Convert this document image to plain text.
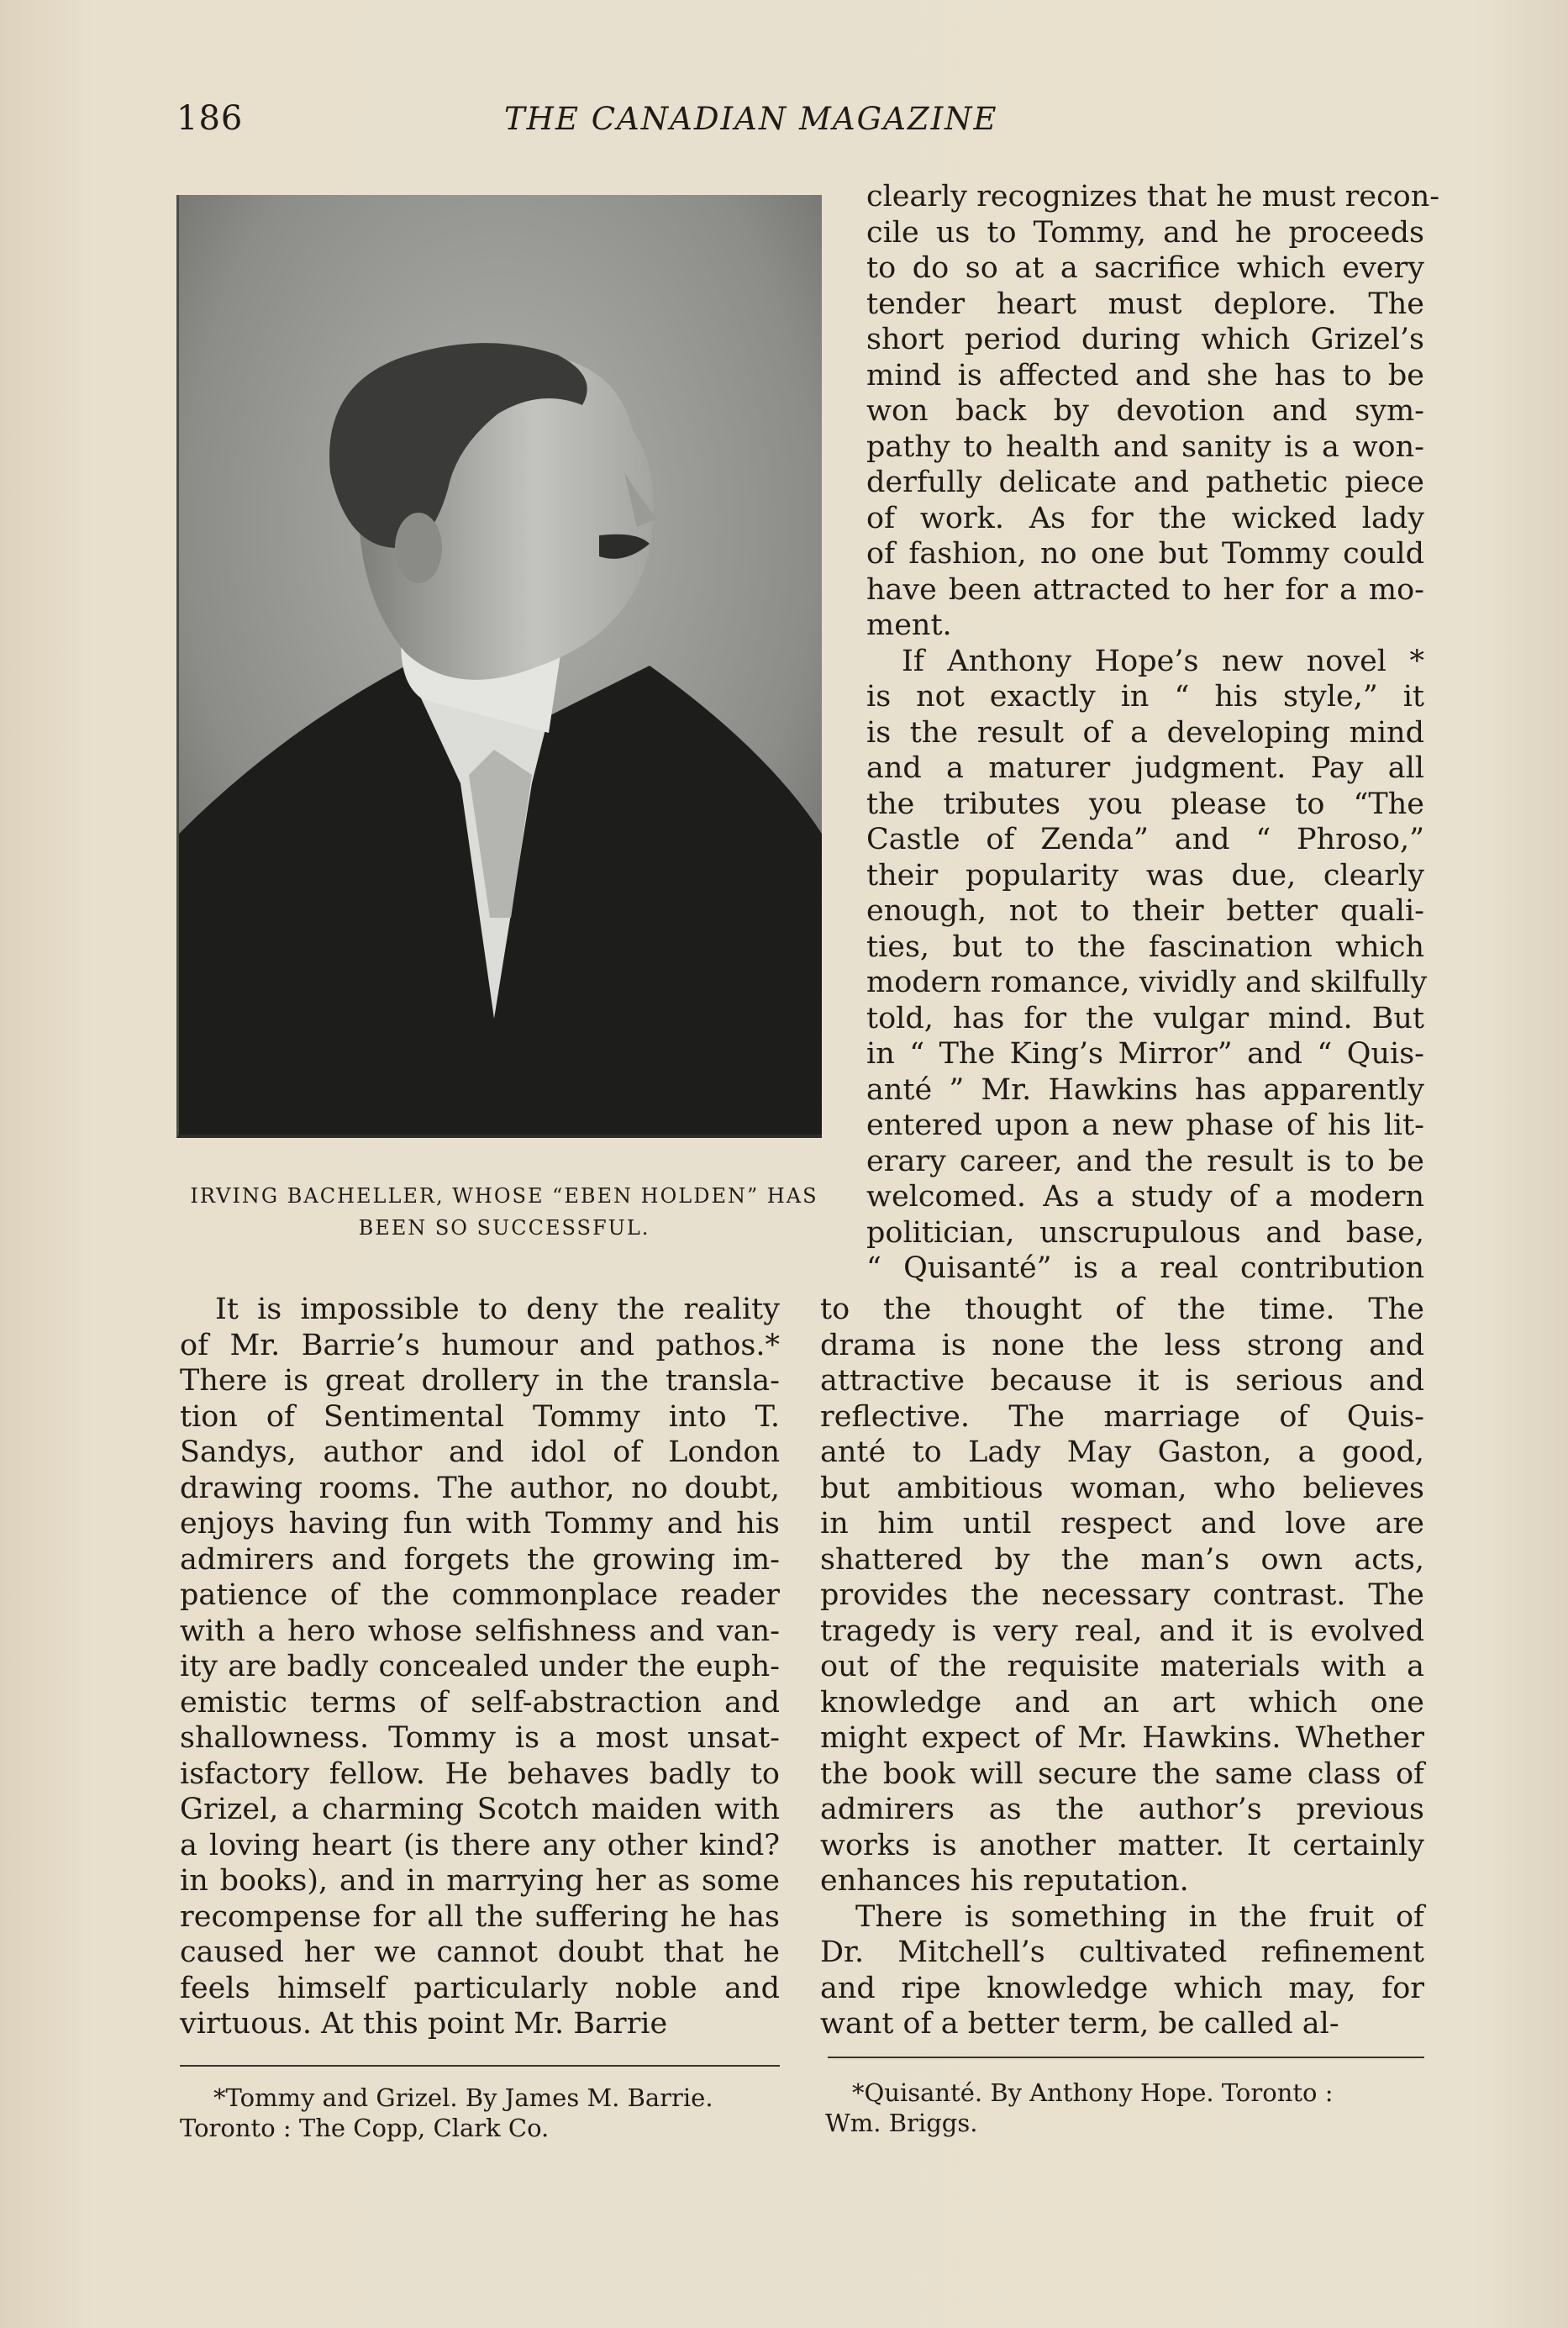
186	THE CANADIAN MAGAZINE
IRVING BACHELLER, WHOSE “EBEN HOLDEN” HAS
BEEN SO SUCCESSFUL.
clearly recognizes that he must recon-
cile us to Tommy, and he proceeds
to do so at a sacrifice which every
tender heart must deplore. The
short period during which Grizel’s
mind is affected and she has to be
won back by devotion and sym-
pathy to health and sanity is a won-
derfully delicate and pathetic piece
of work. As for the wicked lady
of fashion, no one but Tommy could
have been attracted to her for a mo-
ment.
If Anthony Hope’s new novel *
is not exactly in “ his style,” it
is the result of a developing mind
and a maturer judgment. Pay all
the tributes you please to “The
Castle of Zenda” and “ Phroso,”
their popularity was due, clearly
enough, not to their better quali-
ties, but to the fascination which
modern romance, vividly and skilfully
told, has for the vulgar mind. But
in “ The King’s Mirror” and “ Quis-
anté ” Mr. Hawkins has apparently
entered upon a new phase of his lit-
erary career, and the result is to be
welcomed. As a study of a modern
politician, unscrupulous and base,
“ Quisanté” is a real contribution
It is impossible to deny the reality
of Mr. Barrie’s humour and pathos.*
There is great drollery in the transla-
tion of Sentimental Tommy into T.
Sandys, author and idol of London
drawing rooms. The author, no doubt,
enjoys having fun with Tommy and his
admirers and forgets the growing im-
patience of the commonplace reader
with a hero whose selfishness and van-
ity are badly concealed under the euph-
emistic terms of self-abstraction and
shallowness. Tommy is a most unsat-
isfactory fellow. He behaves badly to
Grizel, a charming Scotch maiden with
a loving heart (is there any other kind?
in books), and in marrying her as some
recompense for all the suffering he has
caused her we cannot doubt that he
feels himself particularly noble and
virtuous. At this point Mr. Barrie
to the thought of the time. The
drama is none the less strong and
attractive because it is serious and
reflective. The marriage of Quis-
anté to Lady May Gaston, a good,
but ambitious woman, who believes
in him until respect and love are
shattered by the man’s own acts,
provides the necessary contrast. The
tragedy is very real, and it is evolved
out of the requisite materials with a
knowledge and an art which one
might expect of Mr. Hawkins. Whether
the book will secure the same class of
admirers as the author’s previous
works is another matter. It certainly
enhances his reputation.
There is something in the fruit of
Dr. Mitchell’s cultivated refinement
and ripe knowledge which may, for
want of a better term, be called al-
*Tommy and Grizel. By James M. Barrie.
Toronto : The Copp, Clark Co.
*Quisanté. By Anthony Hope. Toronto :
Wm. Briggs.
